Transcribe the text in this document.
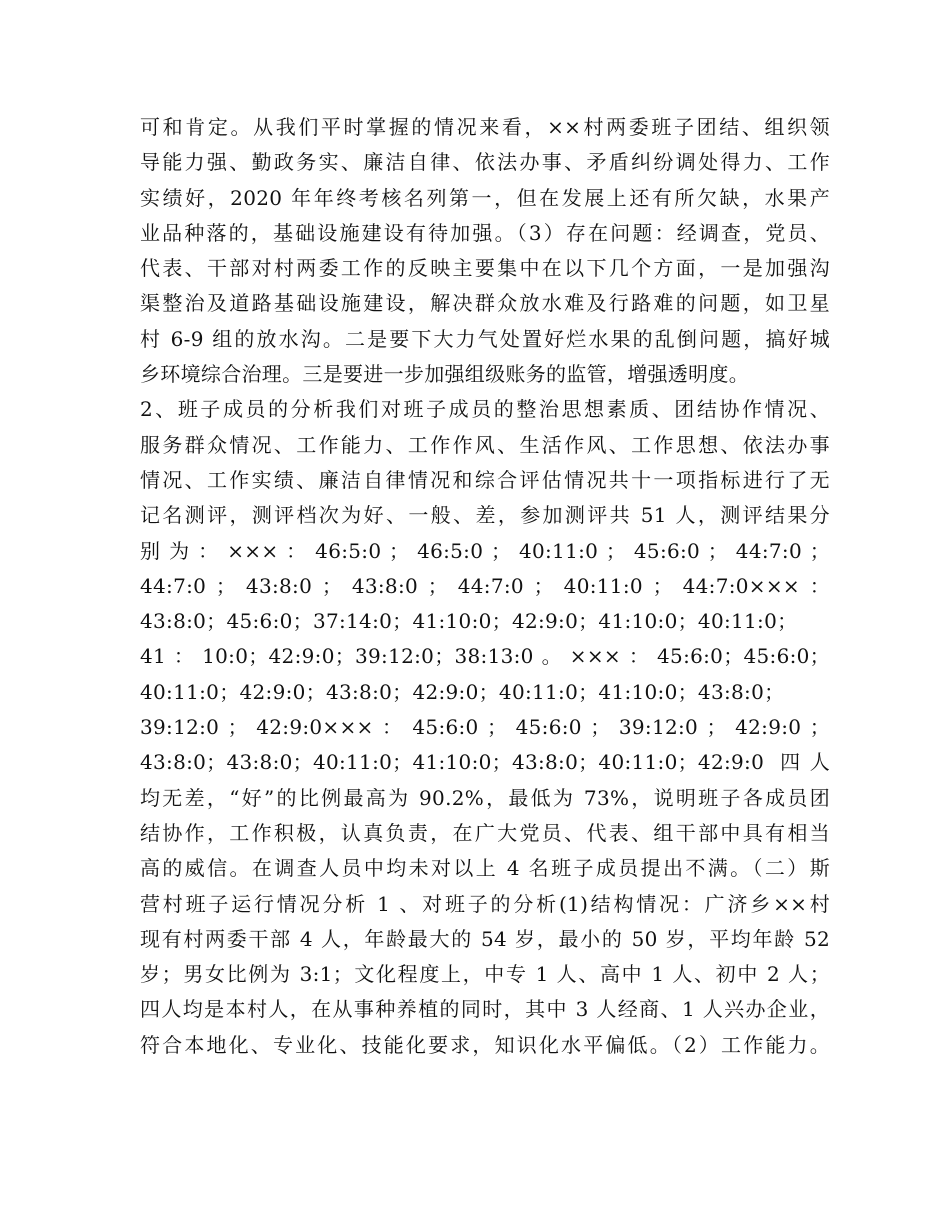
可和肯定。从我们平时掌握的情况来看，××村两委班子团结、组织领
导能力强、勤政务实、廉洁自律、依法办事、矛盾纠纷调处得力、工作
实绩好，2020 年年终考核名列第一，但在发展上还有所欠缺，水果产
业品种落的，基础设施建设有待加强。（3）存在问题：经调查，党员、
代表、干部对村两委工作的反映主要集中在以下几个方面，一是加强沟
渠整治及道路基础设施建设，解决群众放水难及行路难的问题，如卫星
村 6-9 组的放水沟。二是要下大力气处置好烂水果的乱倒问题，搞好城
乡环境综合治理。三是要进一步加强组级账务的监管，增强透明度。
2、班子成员的分析我们对班子成员的整治思想素质、团结协作情况、
服务群众情况、工作能力、工作作风、生活作风、工作思想、依法办事
情况、工作实绩、廉洁自律情况和综合评估情况共十一项指标进行了无
记名测评，测评档次为好、一般、差，参加测评共 51 人，测评结果分
别 为 ： ××× ： 46:5:0 ； 46:5:0 ； 40:11:0 ； 45:6:0 ； 44:7:0 ；
44:7:0 ； 43:8:0 ； 43:8:0 ； 44:7:0 ； 40:11:0 ； 44:7:0××× ：
43:8:0；45:6:0；37:14:0；41:10:0；42:9:0；41:10:0；40:11:0；
41：10:0；42:9:0；39:12:0；38:13:0。×××：45:6:0；45:6:0；
40:11:0；42:9:0；43:8:0；42:9:0；40:11:0；41:10:0；43:8:0；
39:12:0 ； 42:9:0××× ： 45:6:0 ； 45:6:0 ； 39:12:0 ； 42:9:0 ；
43:8:0；43:8:0；40:11:0；41:10:0；43:8:0；40:11:0；42:9:0 四人
均无差，“好”的比例最高为 90.2%，最低为 73%，说明班子各成员团
结协作，工作积极，认真负责，在广大党员、代表、组干部中具有相当
高的威信。在调查人员中均未对以上 4 名班子成员提出不满。（二）斯
营村班子运行情况分析 1 、对班子的分析(1)结构情况：广济乡××村
现有村两委干部 4 人，年龄最大的 54 岁，最小的 50 岁，平均年龄 52
岁；男女比例为 3:1；文化程度上，中专 1 人、高中 1 人、初中 2 人；
四人均是本村人，在从事种养植的同时，其中 3 人经商、1 人兴办企业，
符合本地化、专业化、技能化要求，知识化水平偏低。（2）工作能力。
